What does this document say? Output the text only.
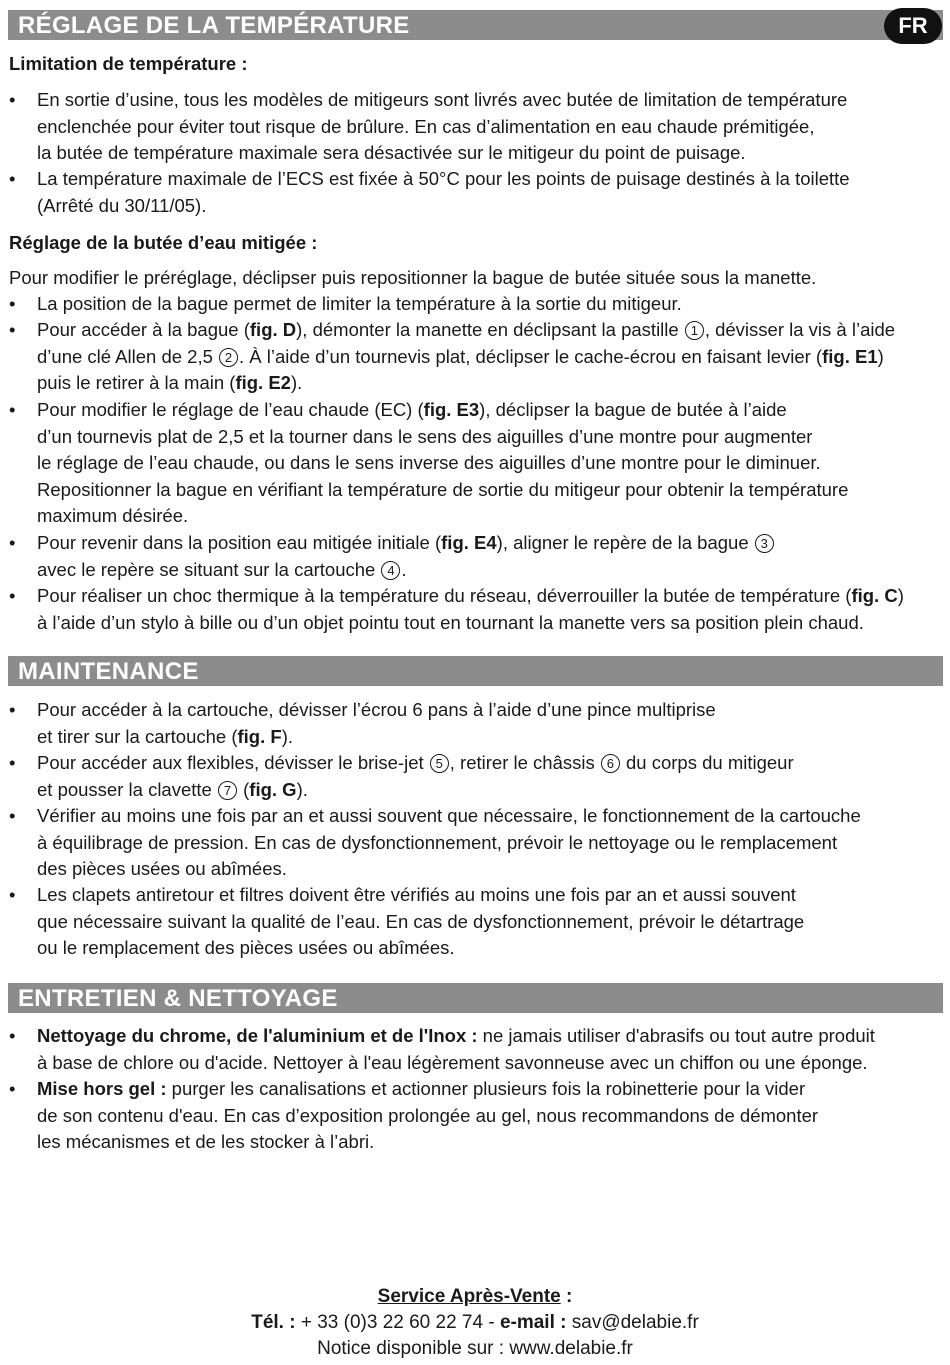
RÉGLAGE DE LA TEMPÉRATURE	FR
Limitation de température :
• En sortie d’usine, tous les modèles de mitigeurs sont livrés avec butée de limitation de température
enclenchée pour éviter tout risque de brûlure. En cas d’alimentation en eau chaude prémitigée,
la butée de température maximale sera désactivée sur le mitigeur du point de puisage.
• La température maximale de l’ECS est fixée à 50°C pour les points de puisage destinés à la toilette
(Arrêté du 30/11/05).
Réglage de la butée d’eau mitigée :
Pour modifier le préréglage, déclipser puis repositionner la bague de butée située sous la manette.
• La position de la bague permet de limiter la température à la sortie du mitigeur.
• Pour accéder à la bague (fig. D), démonter la manette en déclipsant la pastille 1 , dévisser la vis à l’aide
d’une clé Allen de 2,5 2 . À l’aide d’un tournevis plat, déclipser le cache-écrou en faisant levier (fig. E1)
puis le retirer à la main (fig. E2).
• Pour modifier le réglage de l’eau chaude (EC) (fig. E3), déclipser la bague de butée à l’aide
d’un tournevis plat de 2,5 et la tourner dans le sens des aiguilles d’une montre pour augmenter
le réglage de l’eau chaude, ou dans le sens inverse des aiguilles d’une montre pour le diminuer.
Repositionner la bague en vérifiant la température de sortie du mitigeur pour obtenir la température
maximum désirée.
• Pour revenir dans la position eau mitigée initiale (fig. E4), aligner le repère de la bague 3
avec le repère se situant sur la cartouche 4 .
• Pour réaliser un choc thermique à la température du réseau, déverrouiller la butée de température (fig. C)
à l’aide d’un stylo à bille ou d’un objet pointu tout en tournant la manette vers sa position plein chaud.
MAINTENANCE
• Pour accéder à la cartouche, dévisser l’écrou 6 pans à l’aide d’une pince multiprise
et tirer sur la cartouche (fig. F).
• Pour accéder aux flexibles, dévisser le brise-jet 5 , retirer le châssis 6 du corps du mitigeur
et pousser la clavette 7 (fig. G).
• Vérifier au moins une fois par an et aussi souvent que nécessaire, le fonctionnement de la cartouche
à équilibrage de pression. En cas de dysfonctionnement, prévoir le nettoyage ou le remplacement
des pièces usées ou abîmées.
• Les clapets antiretour et filtres doivent être vérifiés au moins une fois par an et aussi souvent
que nécessaire suivant la qualité de l’eau. En cas de dysfonctionnement, prévoir le détartrage
ou le remplacement des pièces usées ou abîmées.
ENTRETIEN & NETTOYAGE
• Nettoyage du chrome, de l'aluminium et de l'Inox : ne jamais utiliser d'abrasifs ou tout autre produit
à base de chlore ou d'acide. Nettoyer à l'eau légèrement savonneuse avec un chiffon ou une éponge.
• Mise hors gel : purger les canalisations et actionner plusieurs fois la robinetterie pour la vider
de son contenu d'eau. En cas d’exposition prolongée au gel, nous recommandons de démonter
les mécanismes et de les stocker à l’abri.
Service Après-Vente :
Tél. : + 33 (0)3 22 60 22 74 - e-mail : sav@delabie.fr
Notice disponible sur : www.delabie.fr
